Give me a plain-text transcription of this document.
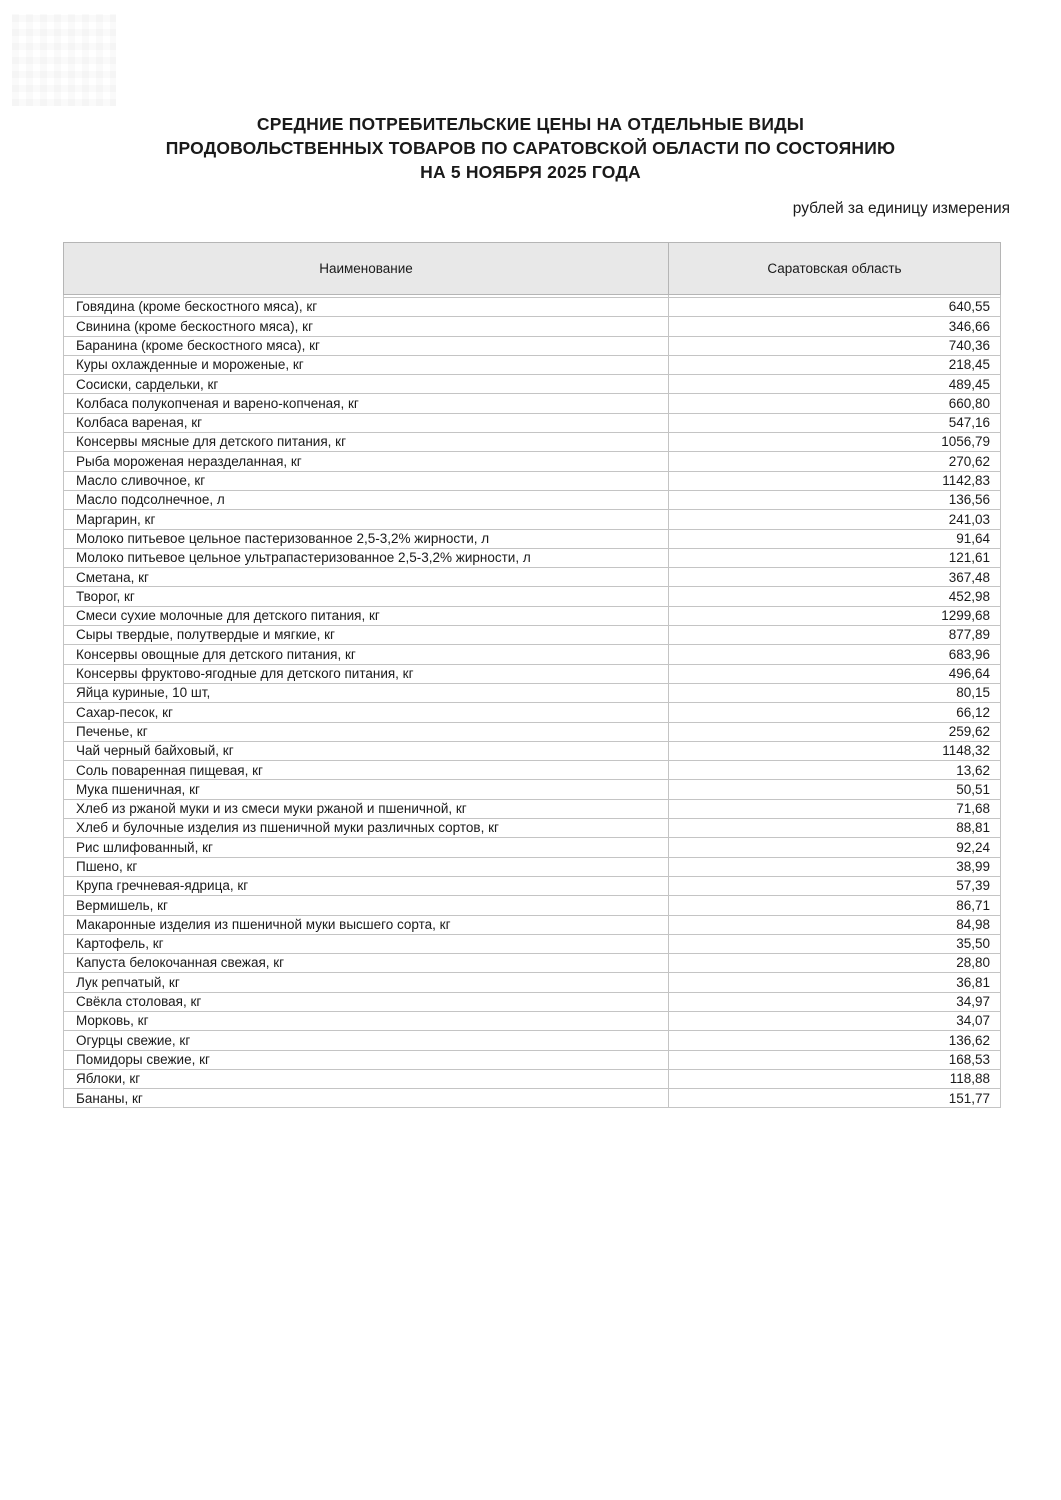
СРЕДНИЕ ПОТРЕБИТЕЛЬСКИЕ ЦЕНЫ НА ОТДЕЛЬНЫЕ ВИДЫ
ПРОДОВОЛЬСТВЕННЫХ ТОВАРОВ ПО САРАТОВСКОЙ ОБЛАСТИ ПО СОСТОЯНИЮ
НА 5 НОЯБРЯ 2025 ГОДА
рублей за единицу измерения
Наименование	Саратовская область

Говядина (кроме бескостного мяса), кг	640,55
Свинина (кроме бескостного мяса), кг	346,66
Баранина (кроме бескостного мяса), кг	740,36
Куры охлажденные и мороженые, кг	218,45
Сосиски, сардельки, кг	489,45
Колбаса полукопченая и варено-копченая, кг	660,80
Колбаса вареная, кг	547,16
Консервы мясные для детского питания, кг	1056,79
Рыба мороженая неразделанная, кг	270,62
Масло сливочное, кг	1142,83
Масло подсолнечное, л	136,56
Маргарин, кг	241,03
Молоко питьевое цельное пастеризованное 2,5-3,2% жирности, л	91,64
Молоко питьевое цельное ультрапастеризованное 2,5-3,2% жирности, л	121,61
Сметана, кг	367,48
Творог, кг	452,98
Смеси сухие молочные для детского питания, кг	1299,68
Сыры твердые, полутвердые и мягкие, кг	877,89
Консервы овощные для детского питания, кг	683,96
Консервы фруктово-ягодные для детского питания, кг	496,64
Яйца куриные, 10 шт,	80,15
Сахар-песок, кг	66,12
Печенье, кг	259,62
Чай черный байховый, кг	1148,32
Соль поваренная пищевая, кг	13,62
Мука пшеничная, кг	50,51
Хлеб из ржаной муки и из смеси муки ржаной и пшеничной, кг	71,68
Хлеб и булочные изделия из пшеничной муки различных сортов, кг	88,81
Рис шлифованный, кг	92,24
Пшено, кг	38,99
Крупа гречневая-ядрица, кг	57,39
Вермишель, кг	86,71
Макаронные изделия из пшеничной муки высшего сорта, кг	84,98
Картофель, кг	35,50
Капуста белокочанная свежая, кг	28,80
Лук репчатый, кг	36,81
Свёкла столовая, кг	34,97
Морковь, кг	34,07
Огурцы свежие, кг	136,62
Помидоры свежие, кг	168,53
Яблоки, кг	118,88
Бананы, кг	151,77
